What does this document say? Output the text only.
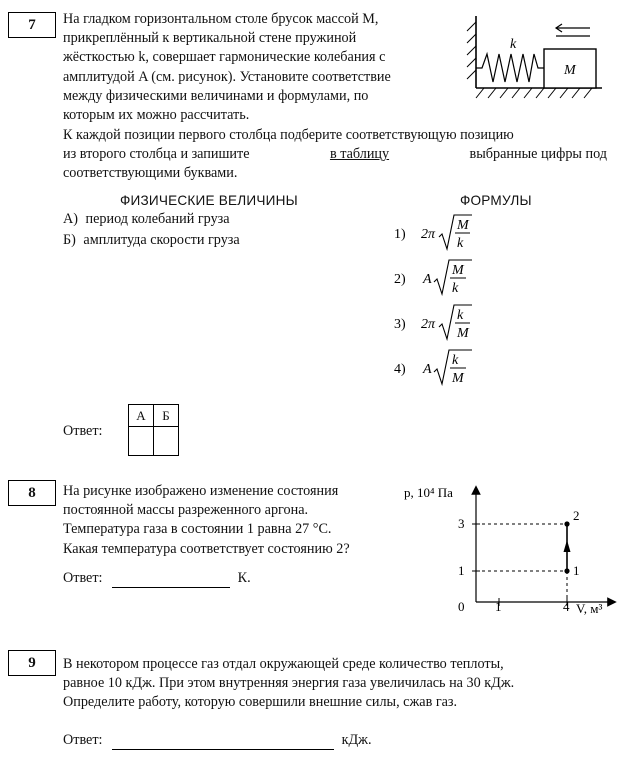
7	На гладком горизонтальном столе брусок массой M,
прикреплённый к вертикальной стене пружиной
жёсткостью k, совершает гармонические колебания с
амплитудой A (см. рисунок). Установите соответствие
между физическими величинами и формулами, по
которым их можно рассчитать.
k
M
К каждой позиции первого столбца подберите соответствующую позицию
из второго столбца и запишите	в таблицу	выбранные цифры под
соответствующими буквами.
ФИЗИЧЕСКИЕ ВЕЛИЧИНЫ	ФОРМУЛЫ
А) период колебаний груза
Б) амплитуда скорости груза	1) 2π
M
k
2) A
M
k
3) 2π
k
M
4) A
k
M
Ответ:
А	Б

8	На рисунке изображено изменение состояния
постоянной массы разреженного аргона.
Температура газа в состоянии 1 равна 27 °C.
Какая температура соответствует состоянию 2?
Ответ:	К.
p, 10⁴ Па
V, м³
0 1	4
1
3
1
2
9	В некотором процессе газ отдал окружающей среде количество теплоты,
равное 10 кДж. При этом внутренняя энергия газа увеличилась на 30 кДж.
Определите работу, которую совершили внешние силы, сжав газ.
Ответ:	кДж.
